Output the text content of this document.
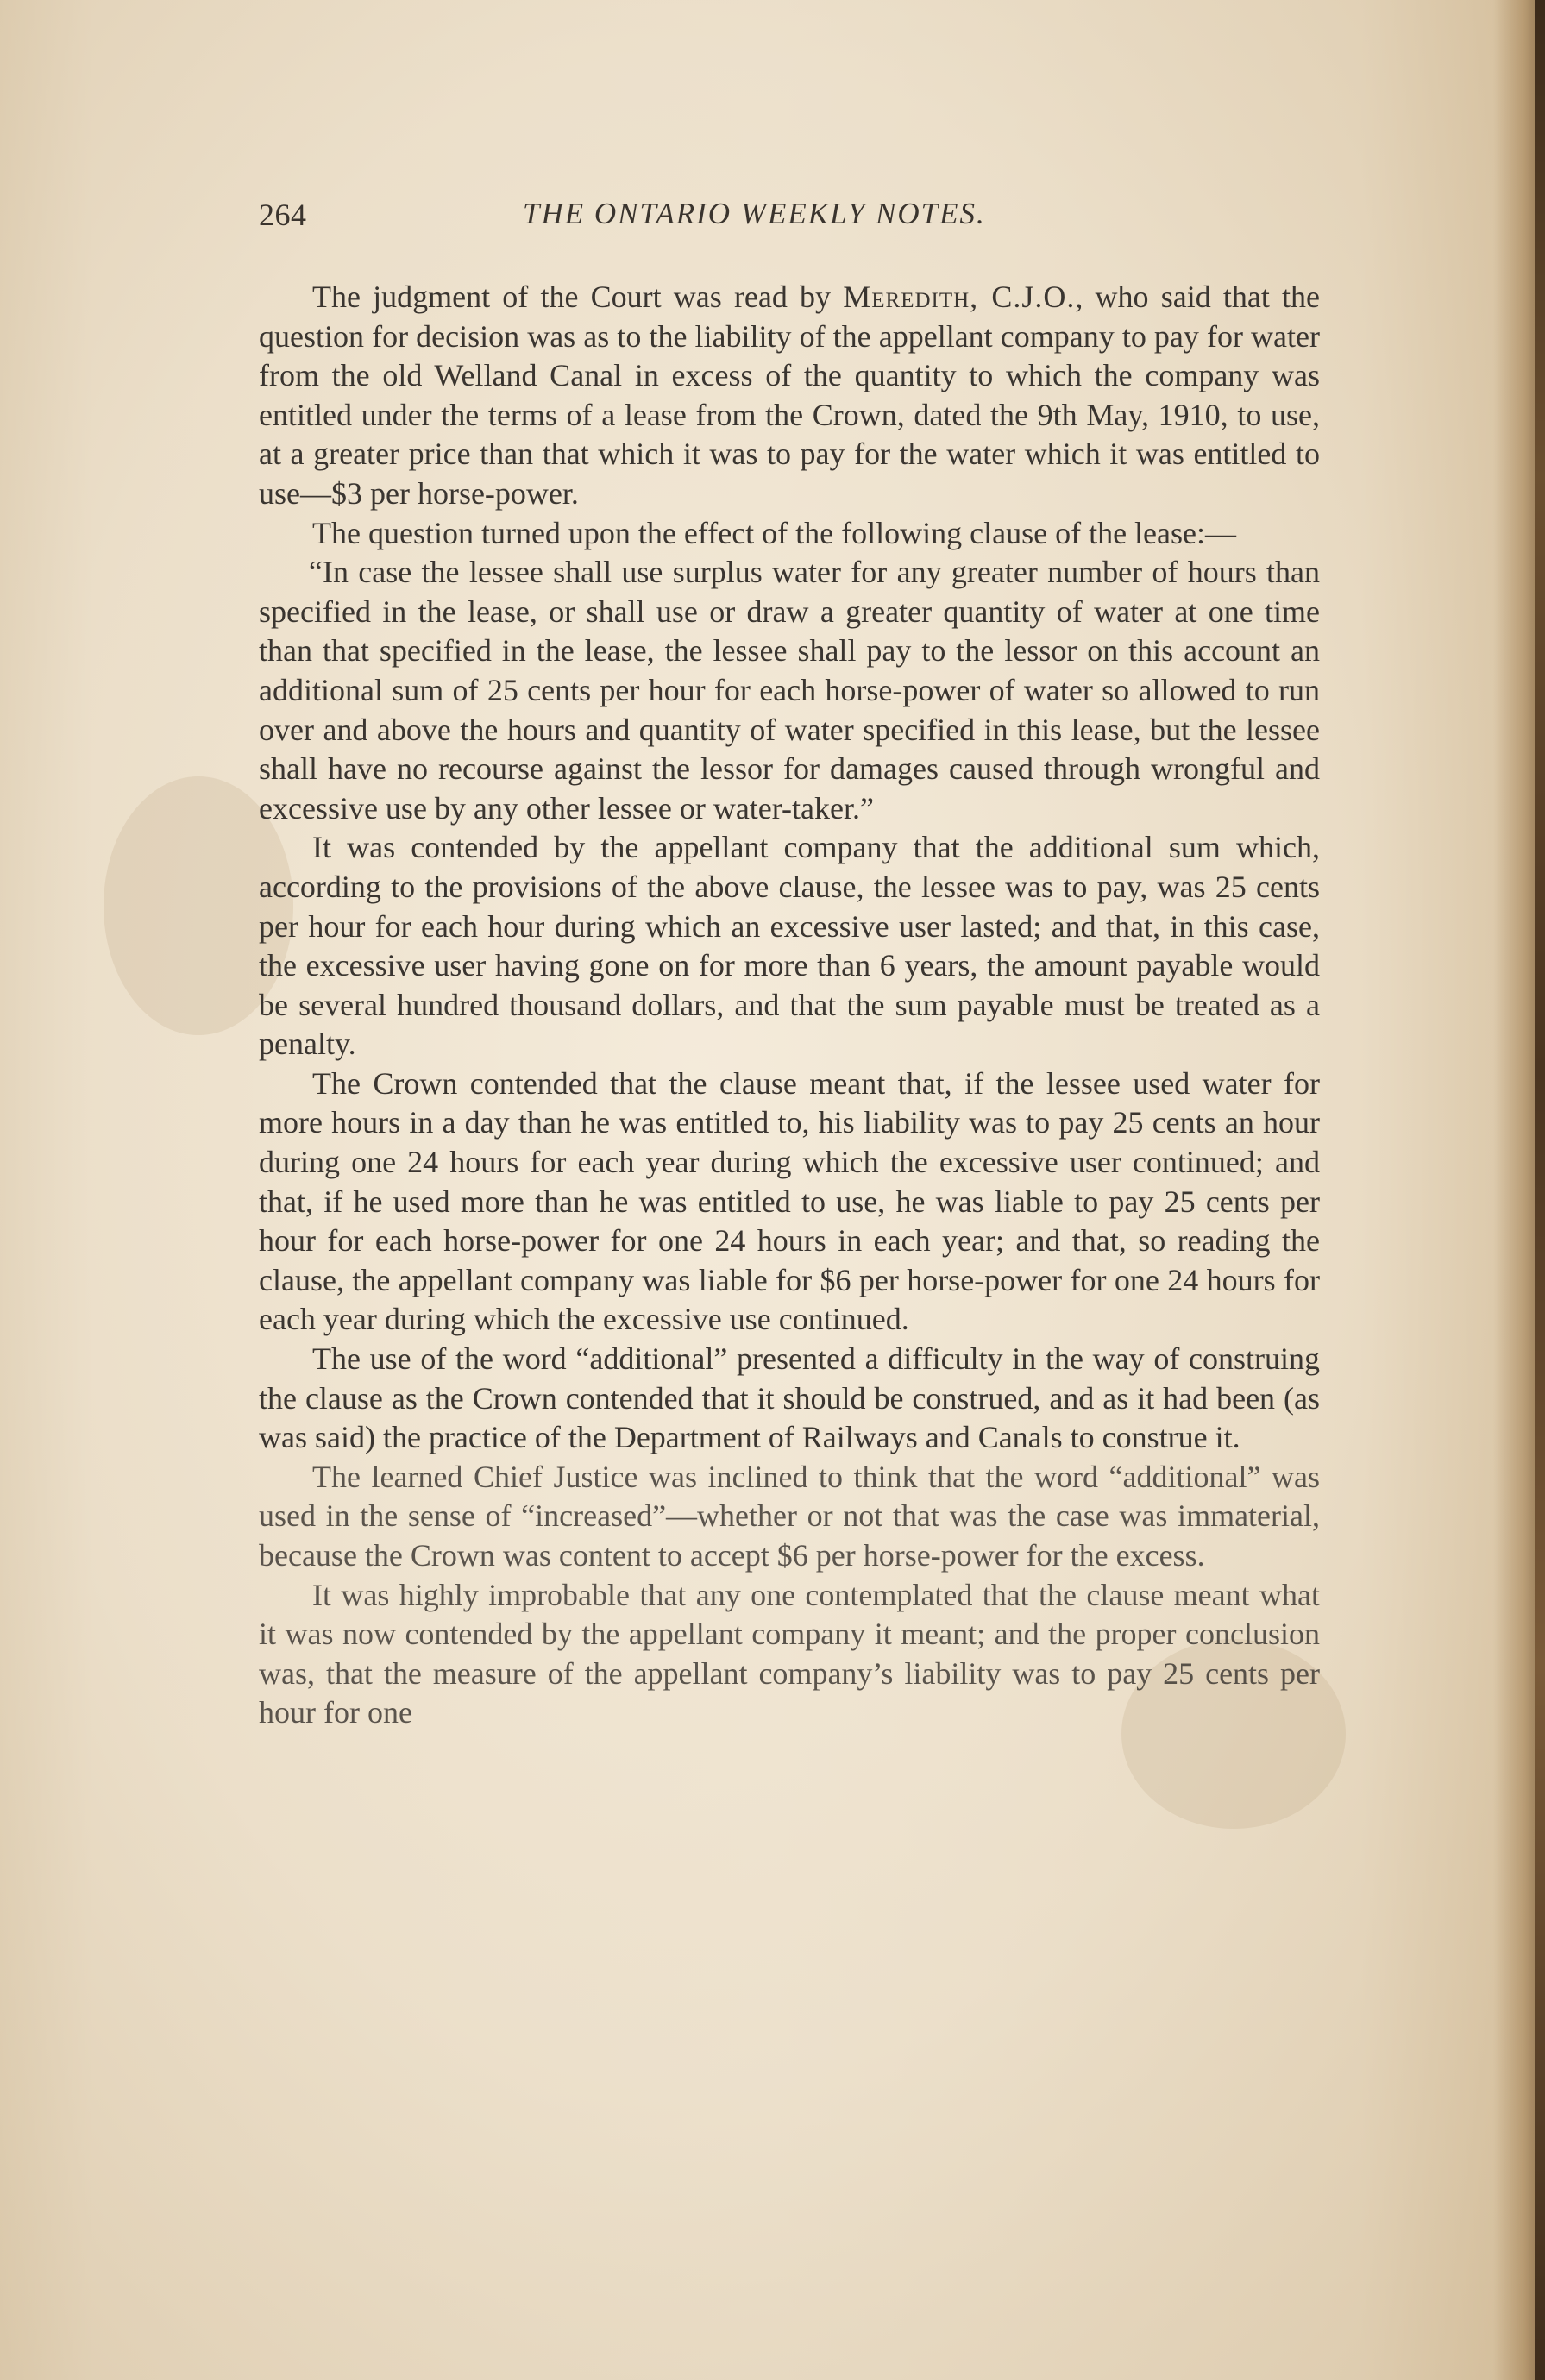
264	THE ONTARIO WEEKLY NOTES.

The judgment of the Court was read by Meredith, C.J.O., who said that the question for decision was as to the liability of the appellant company to pay for water from the old Welland Canal in excess of the quantity to which the company was entitled under the terms of a lease from the Crown, dated the 9th May, 1910, to use, at a greater price than that which it was to pay for the water which it was entitled to use—$3 per horse-power.

The question turned upon the effect of the following clause of the lease:—

“In case the lessee shall use surplus water for any greater number of hours than specified in the lease, or shall use or draw a greater quantity of water at one time than that specified in the lease, the lessee shall pay to the lessor on this account an additional sum of 25 cents per hour for each horse-power of water so allowed to run over and above the hours and quantity of water specified in this lease, but the lessee shall have no recourse against the lessor for damages caused through wrongful and excessive use by any other lessee or water-taker.”

It was contended by the appellant company that the additional sum which, according to the provisions of the above clause, the lessee was to pay, was 25 cents per hour for each hour during which an excessive user lasted; and that, in this case, the excessive user having gone on for more than 6 years, the amount payable would be several hundred thousand dollars, and that the sum payable must be treated as a penalty.

The Crown contended that the clause meant that, if the lessee used water for more hours in a day than he was entitled to, his liability was to pay 25 cents an hour during one 24 hours for each year during which the excessive user continued; and that, if he used more than he was entitled to use, he was liable to pay 25 cents per hour for each horse-power for one 24 hours in each year; and that, so reading the clause, the appellant company was liable for $6 per horse-power for one 24 hours for each year during which the excessive use continued.

The use of the word “additional” presented a difficulty in the way of construing the clause as the Crown contended that it should be construed, and as it had been (as was said) the practice of the Department of Railways and Canals to construe it.

The learned Chief Justice was inclined to think that the word “additional” was used in the sense of “increased”—whether or not that was the case was immaterial, because the Crown was content to accept $6 per horse-power for the excess.

It was highly improbable that any one contemplated that the clause meant what it was now contended by the appellant company it meant; and the proper conclusion was, that the measure of the appellant company’s liability was to pay 25 cents per hour for one
